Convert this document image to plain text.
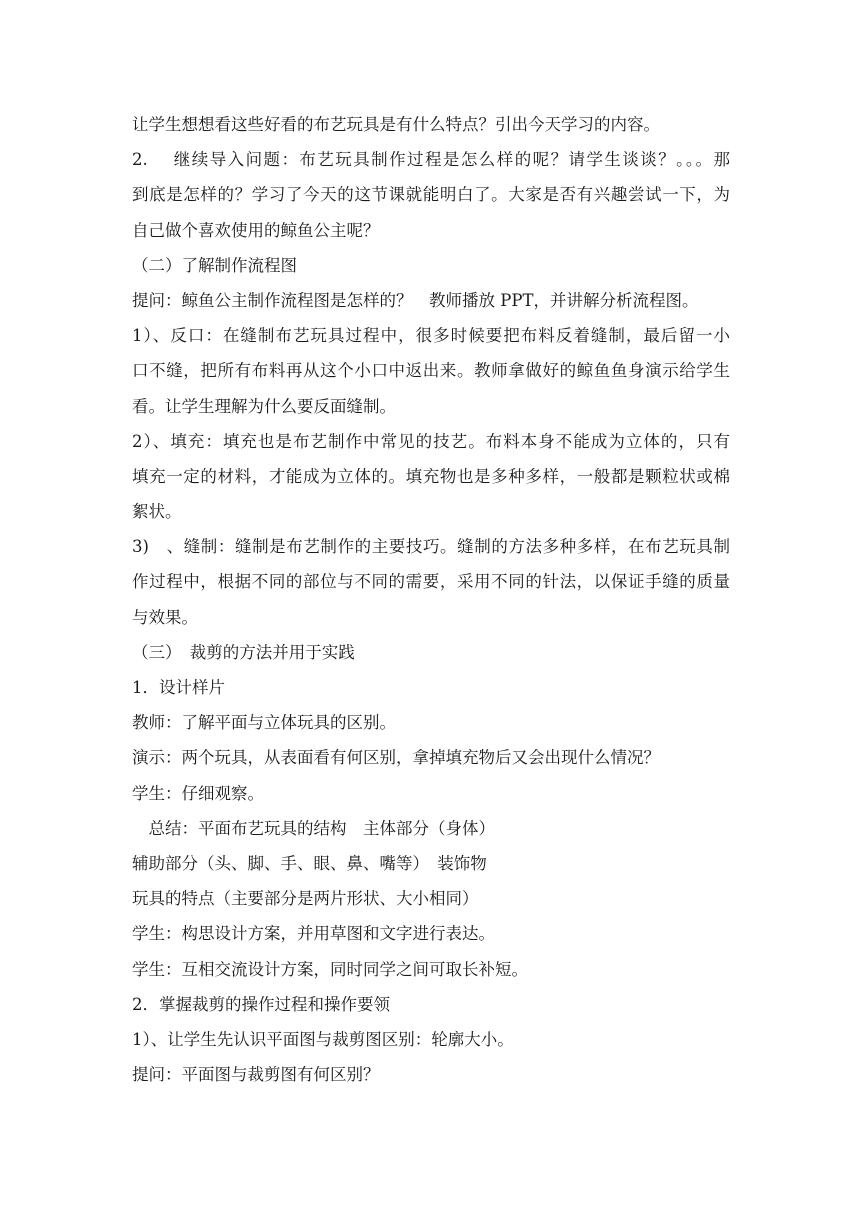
让学生想想看这些好看的布艺玩具是有什么特点？引出今天学习的内容。
2.　 继续导入问题：布艺玩具制作过程是怎么样的呢？请学生谈谈？。。。那
到底是怎样的？学习了今天的这节课就能明白了。大家是否有兴趣尝试一下，为
自己做个喜欢使用的鲸鱼公主呢？
（二）了解制作流程图
提问：鲸鱼公主制作流程图是怎样的？　教师播放 PPT，并讲解分析流程图。
1）、反口：在缝制布艺玩具过程中，很多时候要把布料反着缝制，最后留一小
口不缝，把所有布料再从这个小口中返出来。教师拿做好的鲸鱼鱼身演示给学生
看。让学生理解为什么要反面缝制。
2）、填充：填充也是布艺制作中常见的技艺。布料本身不能成为立体的，只有
填充一定的材料，才能成为立体的。填充物也是多种多样，一般都是颗粒状或棉
絮状。
3)　、缝制：缝制是布艺制作的主要技巧。缝制的方法多种多样，在布艺玩具制
作过程中，根据不同的部位与不同的需要，采用不同的针法，以保证手缝的质量
与效果。
（三）　裁剪的方法并用于实践
1．设计样片
教师：了解平面与立体玩具的区别。
演示：两个玩具，从表面看有何区别，拿掉填充物后又会出现什么情况？
学生：仔细观察。
　总结：平面布艺玩具的结构　主体部分（身体）
辅助部分（头、脚、手、眼、鼻、嘴等）　装饰物
玩具的特点（主要部分是两片形状、大小相同）
学生：构思设计方案，并用草图和文字进行表达。
学生：互相交流设计方案，同时同学之间可取长补短。
2．掌握裁剪的操作过程和操作要领
1）、让学生先认识平面图与裁剪图区别：轮廓大小。
提问：平面图与裁剪图有何区别？
